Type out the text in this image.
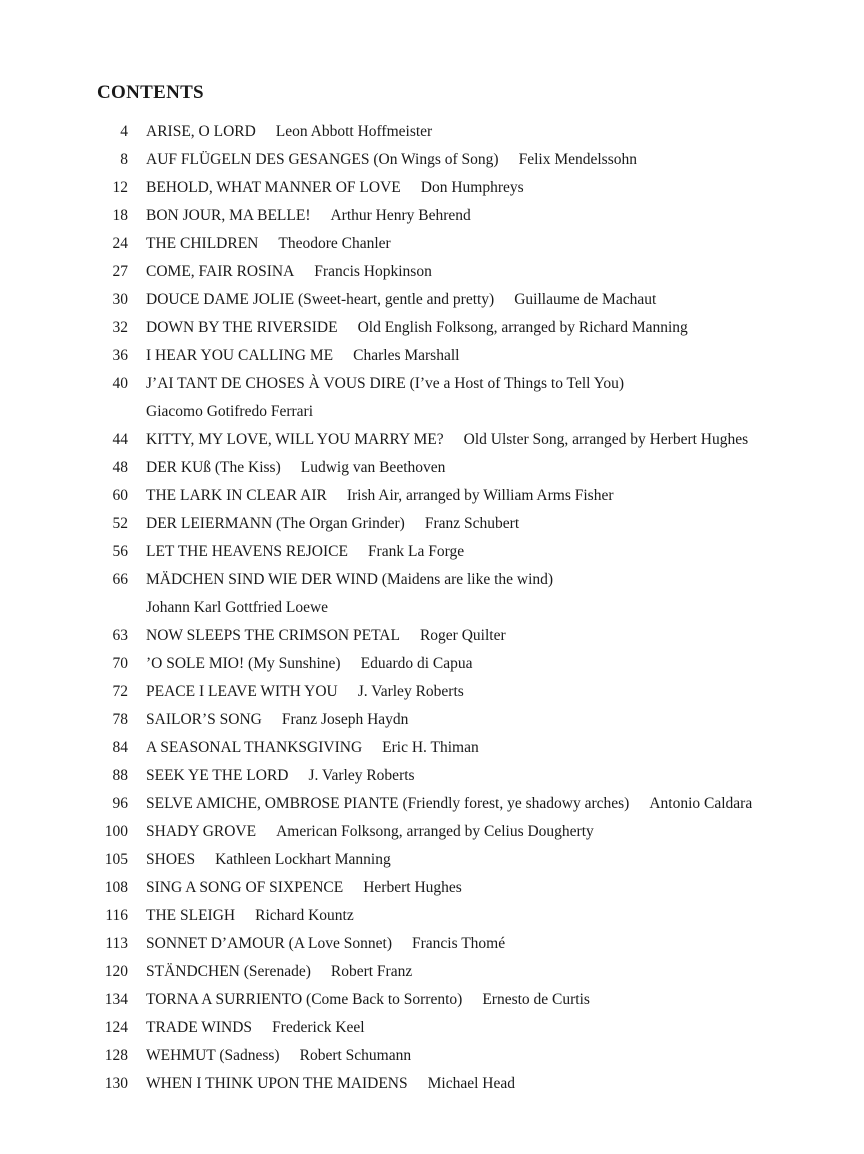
CONTENTS
4 ARISE, O LORD Leon Abbott Hoffmeister
8 AUF FLÜGELN DES GESANGES (On Wings of Song) Felix Mendelssohn
12 BEHOLD, WHAT MANNER OF LOVE Don Humphreys
18 BON JOUR, MA BELLE! Arthur Henry Behrend
24 THE CHILDREN Theodore Chanler
27 COME, FAIR ROSINA Francis Hopkinson
30 DOUCE DAME JOLIE (Sweet-heart, gentle and pretty) Guillaume de Machaut
32 DOWN BY THE RIVERSIDE Old English Folksong, arranged by Richard Manning
36 I HEAR YOU CALLING ME Charles Marshall
40 J’AI TANT DE CHOSES À VOUS DIRE (I’ve a Host of Things to Tell You)
Giacomo Gotifredo Ferrari
44 KITTY, MY LOVE, WILL YOU MARRY ME? Old Ulster Song, arranged by Herbert Hughes
48 DER KUß (The Kiss) Ludwig van Beethoven
60 THE LARK IN CLEAR AIR Irish Air, arranged by William Arms Fisher
52 DER LEIERMANN (The Organ Grinder) Franz Schubert
56 LET THE HEAVENS REJOICE Frank La Forge
66 MÄDCHEN SIND WIE DER WIND (Maidens are like the wind)
Johann Karl Gottfried Loewe
63 NOW SLEEPS THE CRIMSON PETAL Roger Quilter
70 ’O SOLE MIO! (My Sunshine) Eduardo di Capua
72 PEACE I LEAVE WITH YOU J. Varley Roberts
78 SAILOR’S SONG Franz Joseph Haydn
84 A SEASONAL THANKSGIVING Eric H. Thiman
88 SEEK YE THE LORD J. Varley Roberts
96 SELVE AMICHE, OMBROSE PIANTE (Friendly forest, ye shadowy arches) Antonio Caldara
100 SHADY GROVE American Folksong, arranged by Celius Dougherty
105 SHOES Kathleen Lockhart Manning
108 SING A SONG OF SIXPENCE Herbert Hughes
116 THE SLEIGH Richard Kountz
113 SONNET D’AMOUR (A Love Sonnet) Francis Thomé
120 STÄNDCHEN (Serenade) Robert Franz
134 TORNA A SURRIENTO (Come Back to Sorrento) Ernesto de Curtis
124 TRADE WINDS Frederick Keel
128 WEHMUT (Sadness) Robert Schumann
130 WHEN I THINK UPON THE MAIDENS Michael Head
